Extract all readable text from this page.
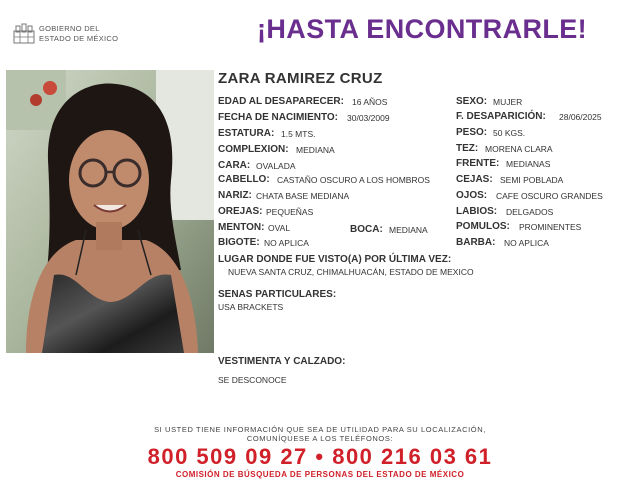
GOBIERNO DEL
ESTADO DE MÉXICO	¡HASTA ENCONTRARLE!
ZARA RAMIREZ CRUZ
EDAD AL DESAPARECER: 16 AÑOS
FECHA DE NACIMIENTO: 30/03/2009
ESTATURA: 1.5 MTS.
COMPLEXION: MEDIANA
CARA: OVALADA
CABELLO: CASTAÑO OSCURO A LOS HOMBROS
NARIZ: CHATA BASE MEDIANA
OREJAS: PEQUEÑAS
MENTON: OVAL	BOCA: MEDIANA
BIGOTE: NO APLICA
SEXO: MUJER
F. DESAPARICIÓN: 28/06/2025
PESO: 50 KGS.
TEZ: MORENA CLARA
FRENTE: MEDIANAS
CEJAS: SEMI POBLADA
OJOS: CAFE OSCURO GRANDES
LABIOS: DELGADOS
POMULOS: PROMINENTES
BARBA: NO APLICA
LUGAR DONDE FUE VISTO(A) POR ÚLTIMA VEZ:
NUEVA SANTA CRUZ, CHIMALHUACÁN, ESTADO DE MEXICO
SENAS PARTICULARES:
USA BRACKETS
VESTIMENTA Y CALZADO:
SE DESCONOCE
SI USTED TIENE INFORMACIÓN QUE SEA DE UTILIDAD PARA SU LOCALIZACIÓN,
COMUNÍQUESE A LOS TELÉFONOS:
800 509 09 27 • 800 216 03 61
COMISIÓN DE BÚSQUEDA DE PERSONAS DEL ESTADO DE MÉXICO
